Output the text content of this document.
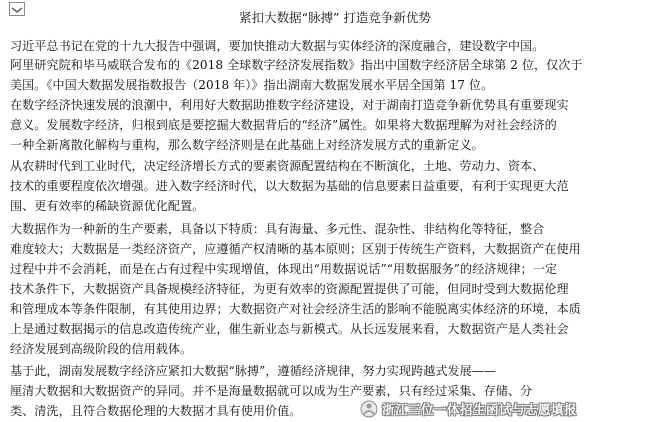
紧扣大数据“脉搏” 打造竞争新优势
习近平总书记在党的十九大报告中强调，要加快推动大数据与实体经济的深度融合，建设数字中国。
阿里研究院和毕马威联合发布的《2018 全球数字经济发展指数》指出中国数字经济居全球第 2 位，仅次于
美国。《中国大数据发展指数报告（2018 年）》指出湖南大数据发展水平居全国第 17 位。
在数字经济快速发展的浪潮中，利用好大数据助推数字经济建设，对于湖南打造竞争新优势具有重要现实
意义。发展数字经济，归根到底是要挖掘大数据背后的“经济”属性。如果将大数据理解为对社会经济的
一种全新离散化解构与重构，那么数字经济则是在此基础上对经济发展方式的重新定义。
从农耕时代到工业时代，决定经济增长方式的要素资源配置结构在不断演化，土地、劳动力、资本、
技术的重要程度依次增强。进入数字经济时代，以大数据为基础的信息要素日益重要，有利于实现更大范
围、更有效率的稀缺资源优化配置。
大数据作为一种新的生产要素，具备以下特质：具有海量、多元性、混杂性、非结构化等特征，整合
难度较大；大数据是一类经济资产，应遵循产权清晰的基本原则；区别于传统生产资料，大数据资产在使用
过程中并不会消耗，而是在占有过程中实现增值，体现出“用数据说话”“用数据服务”的经济规律；一定
技术条件下，大数据资产具备规模经济特征，为更有效率的资源配置提供了可能，但同时受到大数据伦理
和管理成本等条件限制，有其使用边界；大数据资产对社会经济生活的影响不能脱离实体经济的环境，本质
上是通过数据揭示的信息改造传统产业，催生新业态与新模式。从长远发展来看，大数据资产是人类社会
经济发展到高级阶段的信用载体。
基于此，湖南发展数字经济应紧扣大数据“脉搏”，遵循经济规律，努力实现跨越式发展——
厘清大数据和大数据资产的异同。并不是海量数据就可以成为生产要素，只有经过采集、存储、分
类、清洗，且符合数据伦理的大数据才具有使用价值。	浙江三位一体招生函试与志愿填报
